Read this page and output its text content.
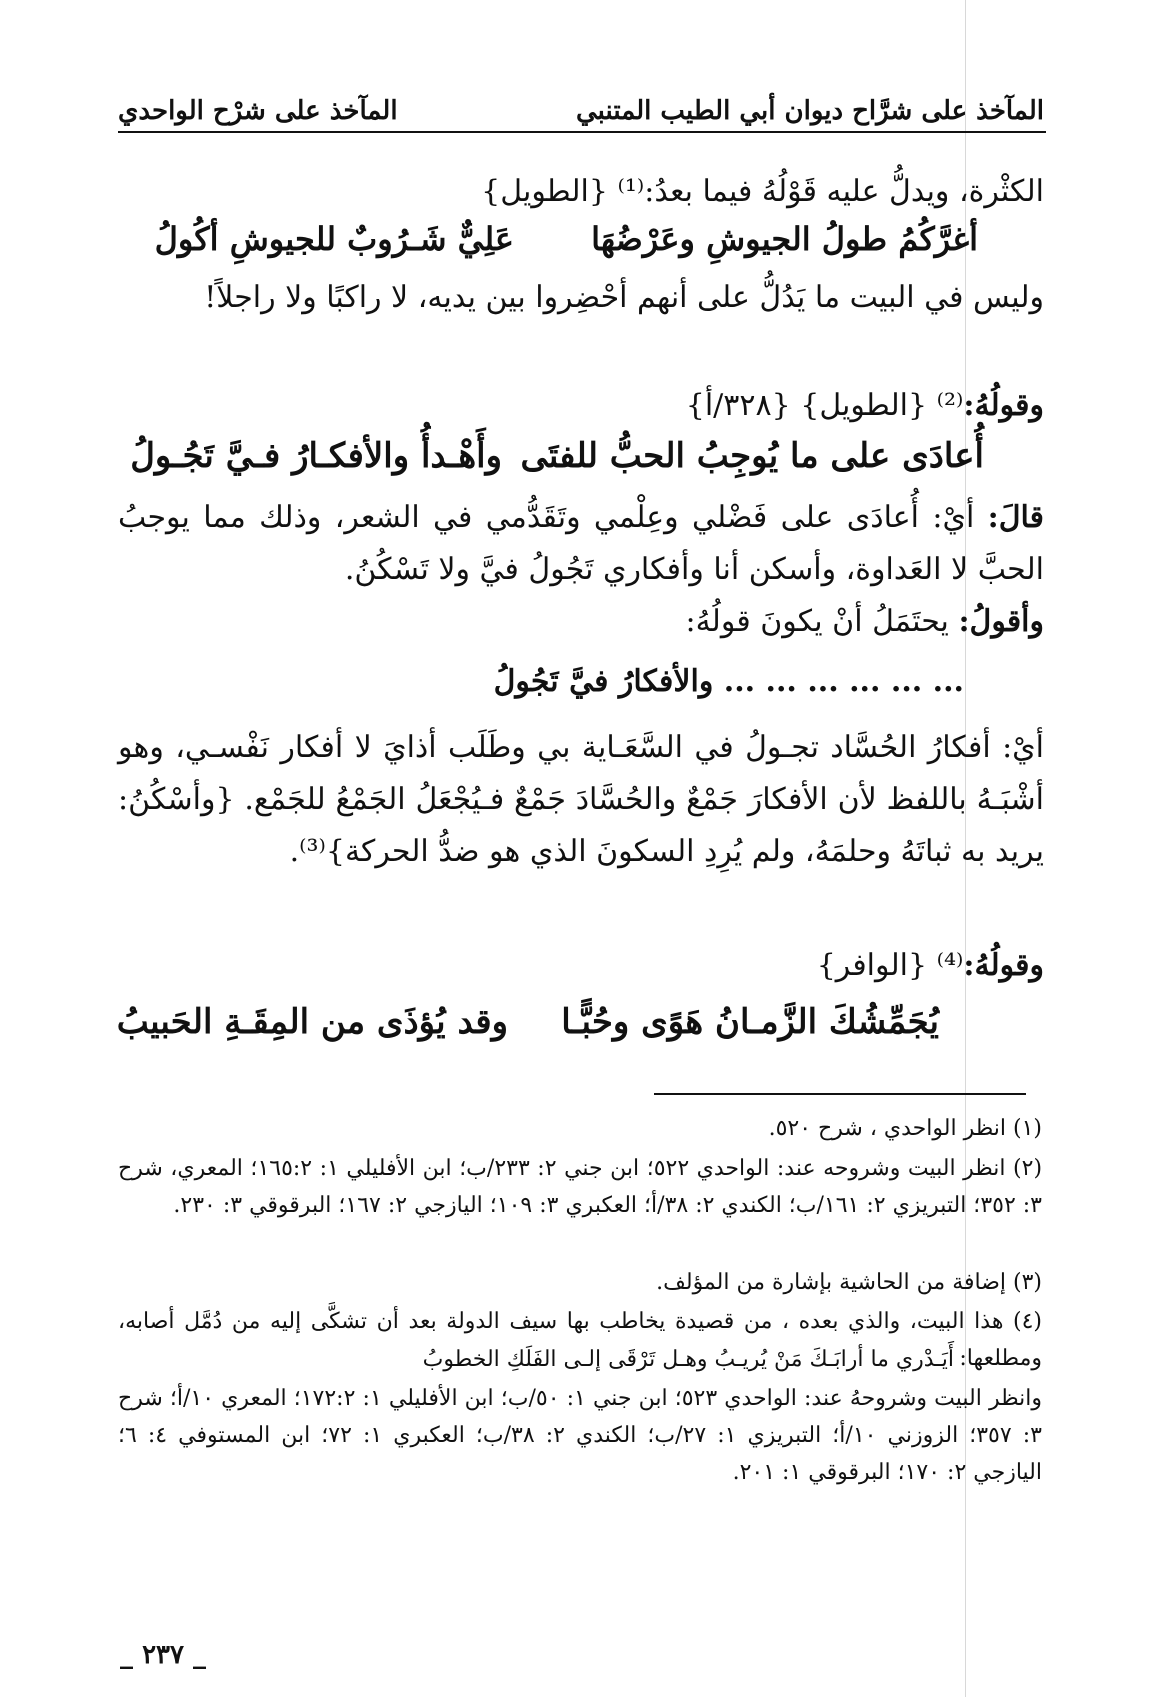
المآخذ على شرَّاح ديوان أبي الطيب المتنبي
المآخذ على شرْح الواحدي
الكثْرة، ويدلُّ عليه قَوْلُهُ فيما بعدُ:⁽¹⁾ {الطويل}
أغرَّكُمُ طولُ الجيوشِ وعَرْضُهَا
عَلِيٌّ شَـرُوبٌ للجيوشِ أكُولُ
وليس في البيت ما يَدُلُّ على أنهم أحْضِروا بين يديه، لا راكبًا ولا راجلاً!
وقولُهُ:⁽²⁾ {الطويل} {٣٢٨/أ}
أُعادَى على ما يُوجِبُ الحبُّ للفتَى
وأَهْـدأُ والأفكـارُ فـيَّ تَجُـولُ
قالَ: أيْ: أُعادَى على فَضْلي وعِلْمي وتَقَدُّمي في الشعر، وذلك مما يوجبُ الحبَّ لا العَداوة، وأسكن أنا وأفكاري تَجُولُ فيَّ ولا تَسْكُنُ.
وأقولُ: يحتَمَلُ أنْ يكونَ قولُهُ:
... ... ... ... ... ... والأفكارُ فيَّ تَجُولُ
أيْ: أفكارُ الحُسَّاد تجـولُ في السَّعَـاية بي وطَلَب أذايَ لا أفكار نَفْسـي، وهو أشْبَـهُ باللفظ لأن الأفكارَ جَمْعٌ والحُسَّادَ جَمْعٌ فـيُجْعَلُ الجَمْعُ للجَمْع. {وأسْكُنُ: يريد به ثباتَهُ وحلمَهُ، ولم يُرِدِ السكونَ الذي هو ضدُّ الحركة}⁽³⁾.
وقولُهُ:⁽⁴⁾ {الوافر}
يُجَمِّشُكَ الزَّمـانُ هَوًى وحُبًّـا
وقد يُؤذَى من المِقَـةِ الحَبيبُ
(١) انظر الواحدي ، شرح ٥٢٠.
(٢) انظر البيت وشروحه عند: الواحدي ٥٢٢؛ ابن جني ٢: ٢٣٣/ب؛ ابن الأفليلي ١: ١٦٥:٢؛ المعري، شرح ٣: ٣٥٢؛ التبريزي ٢: ١٦١/ب؛ الكندي ٢: ٣٨/أ؛ العكبري ٣: ١٠٩؛ اليازجي ٢: ١٦٧؛ البرقوقي ٣: ٢٣٠.
(٣) إضافة من الحاشية بإشارة من المؤلف.
(٤) هذا البيت، والذي بعده ، من قصيدة يخاطب بها سيف الدولة بعد أن تشكَّى إليه من دُمَّل أصابه، ومطلعها:
أَيَـدْري ما أرابَـكَ مَنْ يُريـبُ وهـل تَرْقَى إلـى الفَلَكِ الخطوبُ
وانظر البيت وشروحهُ عند: الواحدي ٥٢٣؛ ابن جني ١: ٥٠/ب؛ ابن الأفليلي ١: ١٧٢:٢؛ المعري ١٠/أ؛ شرح ٣: ٣٥٧؛ الزوزني ١٠/أ؛ التبريزي ١: ٢٧/ب؛ الكندي ٢: ٣٨/ب؛ العكبري ١: ٧٢؛ ابن المستوفي ٤: ٦؛ اليازجي ٢: ١٧٠؛ البرقوقي ١: ٢٠١.
_ ٢٣٧ _
